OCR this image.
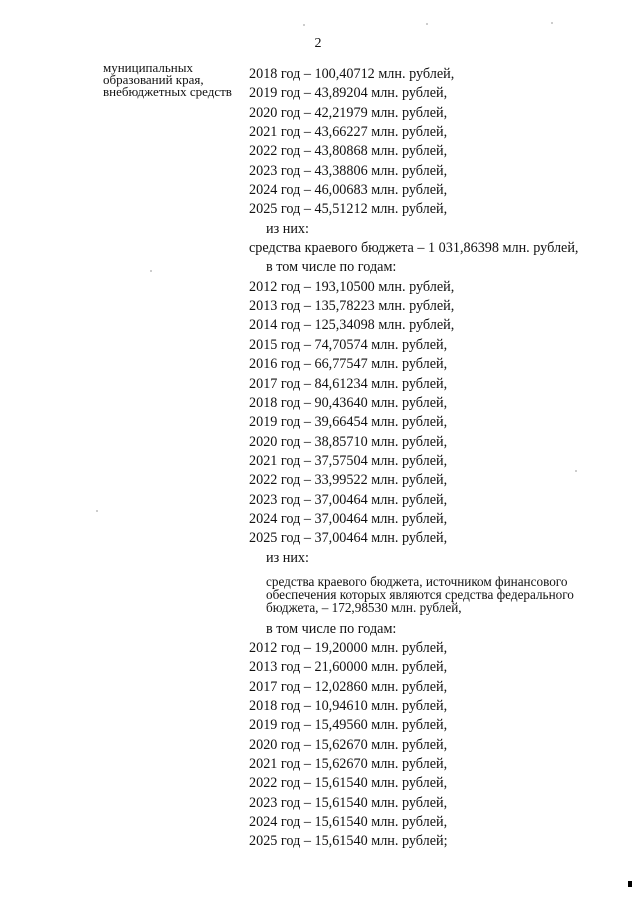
2
муниципальных образований края, внебюджетных средств
2018 год – 100,40712 млн. рублей,
2019 год – 43,89204 млн. рублей,
2020 год – 42,21979 млн. рублей,
2021 год – 43,66227 млн. рублей,
2022 год – 43,80868 млн. рублей,
2023 год – 43,38806 млн. рублей,
2024 год – 46,00683 млн. рублей,
2025 год – 45,51212 млн. рублей,
из них:
средства краевого бюджета – 1 031,86398 млн. рублей,
в том числе по годам:
2012 год – 193,10500 млн. рублей,
2013 год – 135,78223 млн. рублей,
2014 год – 125,34098 млн. рублей,
2015 год – 74,70574 млн. рублей,
2016 год – 66,77547 млн. рублей,
2017 год – 84,61234 млн. рублей,
2018 год – 90,43640 млн. рублей,
2019 год – 39,66454 млн. рублей,
2020 год – 38,85710 млн. рублей,
2021 год – 37,57504 млн. рублей,
2022 год – 33,99522 млн. рублей,
2023 год – 37,00464 млн. рублей,
2024 год – 37,00464 млн. рублей,
2025 год – 37,00464 млн. рублей,
из них:
средства краевого бюджета, источником финансового обеспечения которых являются средства федерального бюджета, – 172,98530 млн. рублей,
в том числе по годам:
2012 год – 19,20000 млн. рублей,
2013 год – 21,60000 млн. рублей,
2017 год – 12,02860 млн. рублей,
2018 год – 10,94610 млн. рублей,
2019 год – 15,49560 млн. рублей,
2020 год – 15,62670 млн. рублей,
2021 год – 15,62670 млн. рублей,
2022 год – 15,61540 млн. рублей,
2023 год – 15,61540 млн. рублей,
2024 год – 15,61540 млн. рублей,
2025 год – 15,61540 млн. рублей;
